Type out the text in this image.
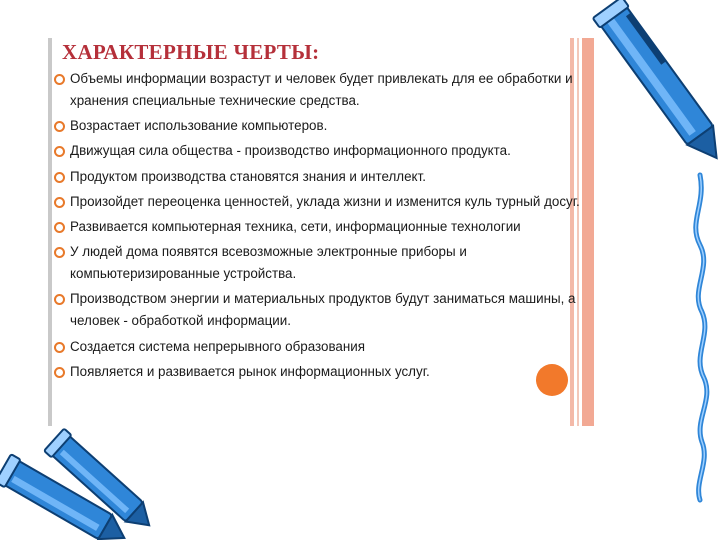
ХАРАКТЕРНЫЕ ЧЕРТЫ:
Объемы информации возрастут и человек будет привлекать для ее обработки и хранения специальные технические средства.
Возрастает использование компьютеров.
Движущая сила общества - производство информационного продукта.
Продуктом производства становятся знания и интеллект.
Произойдет переоценка ценностей, уклада жизни и изменится куль турный досуг.
Развивается компьютерная техника, сети, информационные технологии
У людей дома появятся всевозможные электронные приборы и компьютеризированные устройства.
Производством энергии и материальных продуктов будут заниматься машины, а человек - обработкой информации.
Создается система непрерывного образования
Появляется и развивается рынок информационных услуг.
